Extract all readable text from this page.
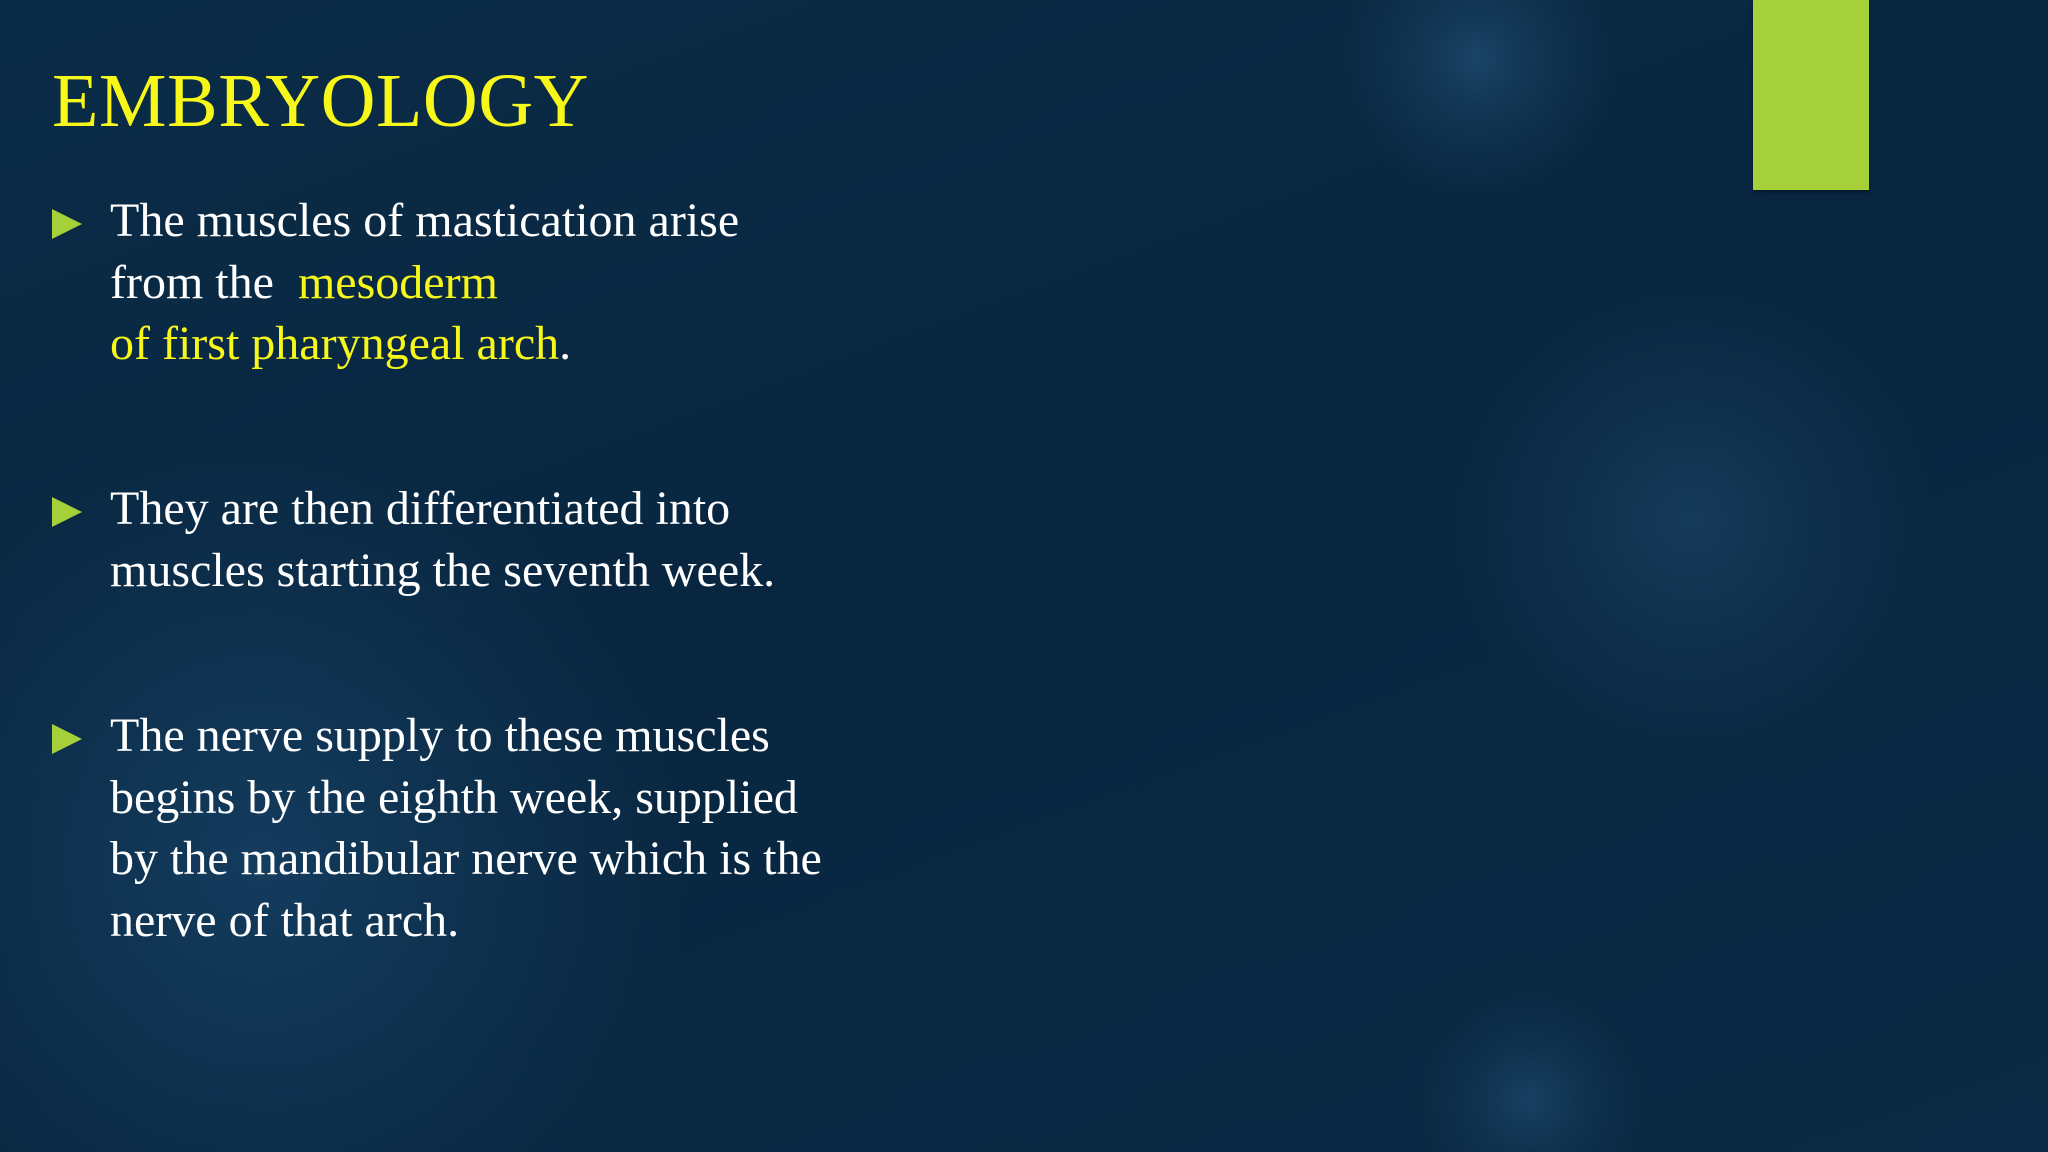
EMBRYOLOGY
The muscles of mastication arise
from the  mesoderm
of first pharyngeal arch.
They are then differentiated into
muscles starting the seventh week.
The nerve supply to these muscles
begins by the eighth week, supplied
by the mandibular nerve which is the
nerve of that arch.
